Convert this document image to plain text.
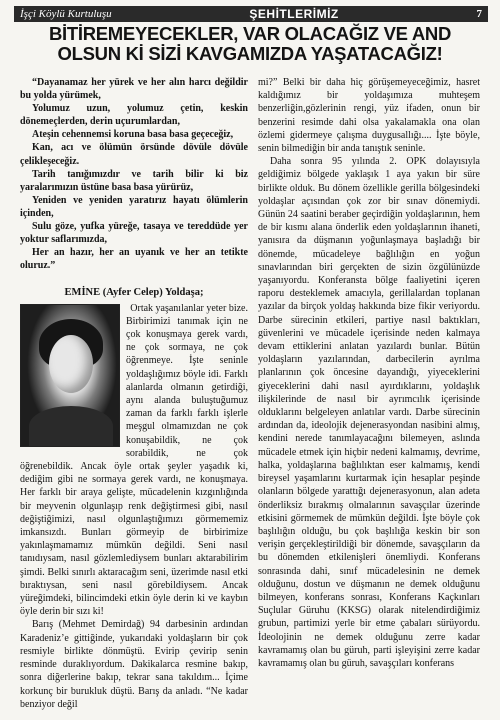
İşçi Köylü Kurtuluşu	ŞEHİTLERİMİZ	7
BİTİREMEYECEKLER, VAR OLACAĞIZ VE AND
OLSUN Kİ SİZİ KAVGAMIZDA YAŞATACAĞIZ!

“Dayanamaz her yürek ve her alın harcı değildir bu yolda yürümek,

Yolumuz uzun, yolumuz çetin, keskin dönemeçlerden, derin uçurumlardan,

Ateşin cehennemsi koruna basa basa geçeceğiz,

Kan, acı ve ölümün örsünde dövüle dövüle çelikleşeceğiz.

Tarih tanığımızdır ve tarih bilir ki biz yaralarımızın üstüne basa basa yürürüz,

Yeniden ve yeniden yaratırız hayatı ölümlerin içinden,

Sulu göze, yufka yüreğe, tasaya ve tereddüde yer yoktur saflarımızda,

Her an hazır, her an uyanık ve her an tetikte oluruz.”

EMİNE (Ayfer Celep) Yoldaşa;

Ortak yaşanılanlar yeter bize.

Birbirimizi tanımak için ne çok konuşmaya gerek vardı, ne çok sormaya, ne çok öğrenmeye. İşte seninle yoldaşlığımız böyle idi. Farklı alanlarda olmanın getirdiği, aynı alanda buluştuğumuz zaman da farklı farklı işlerle meşgul olmamızdan ne çok konuşabildik, ne çok sorabildik, ne çok öğrenebildik. Ancak öyle ortak şeyler yaşadık ki, dediğim gibi ne sormaya gerek vardı, ne konuşmaya. Her farklı bir araya gelişte, mücadelenin kızgınlığında bir meyvenin olgunlaşıp renk değiştirmesi gibi, nasıl değiştiğimizi, nasıl olgunlaştığımızı görmememiz imkansızdı. Bunları görmeyip de birbirimize yakınlaşmamamız mümkün değildi. Seni nasıl tanıdıysam, nasıl gözlemlediysem bunları aktarabilirim şimdi. Belki sınırlı aktaracağım seni, üzerimde nasıl etki bıraktıysan, seni nasıl görebildiysem. Ancak yüreğimdeki, bilincimdeki etkin öyle derin ki ve kaybın öyle derin bir sızı ki!

Barış (Mehmet Demirdağ) 94 darbesinin ardından Karadeniz’e gittiğinde, yukarıdaki yoldaşların bir çok resmiyle birlikte dönmüştü. Evirip çevirip senin resminde duraklıyordum. Dakikalarca resmine bakıp, sonra diğerlerine bakıp, tekrar sana takıldım... İçime korkunç bir burukluk düştü. Barış da anladı. “Ne kadar benziyor değil

mi?” Belki bir daha hiç görüşemeyeceğimiz, hasret kaldığımız bir yoldaşımıza muhteşem benzerliğin,gözlerinin rengi, yüz ifaden, onun bir benzerini resimde dahi olsa yakalamakla ona olan özlemi gidermeye çalışma duygusallığı.... İşte böyle, senin bilmediğin bir anda tanıştık seninle.

Daha sonra 95 yılında 2. OPK dolayısıyla geldiğimiz bölgede yaklaşık 1 aya yakın bir süre birlikte olduk. Bu dönem özellikle gerilla bölgesindeki yoldaşlar açısından çok zor bir sınav dönemiydi. Günün 24 saatini beraber geçirdiğin yoldaşlarının, hem de bir kısmı alana önderlik eden yoldaşlarının ihaneti, yanısıra da düşmanın yoğunlaşmaya başladığı bir dönemde, mücadeleye bağlılığın en yoğun sınavlarından biri gerçekten de sizin özgülünüzde yaşanıyordu. Konferansta bölge faaliyetini içeren raporu desteklemek amacıyla, gerillalardan toplanan yazılar da birçok yoldaş hakkında bize fikir veriyordu. Darbe sürecinin etkileri, partiye nasıl baktıkları, güvenlerini ve mücadele içerisinde neden kalmaya devam ettiklerini anlatan yazılardı bunlar. Bütün yoldaşların yazılarından, darbecilerin ayrılma planlarının çok öncesine dayandığı, yiyeceklerini giyeceklerini dahi nasıl ayırdıklarını, yoldaşlık ilişkilerinde de nasıl bir ayrımcılık içerisinde olduklarını belgeleyen anlatılar vardı. Darbe sürecinin ardından da, ideolojik dejenerasyondan nasibini almış, kendini nerede tanımlayacağını bilemeyen, aslında mücadele etmek için hiçbir nedeni kalmamış, devrime, halka, yoldaşlarına bağlılıktan eser kalmamış, kendi bireysel yaşamlarını kurtarmak için hesaplar peşinde olanların bölgede yarattığı dejenerasyonun, alan adeta önderliksiz bırakmış olmalarının savaşçılar üzerinde etkisini görmemek de mümkün değildi. İşte böyle çok başlılığın olduğu, bu çok başlılığa keskin bir son verişin gerçekleştirildiği bir dönemde, savaşçıların da bu dönemden etkilenişleri önemliydi. Konferans sonrasında dahi, sınıf mücadelesinin ne demek olduğunu, dostun ve düşmanın ne demek olduğunu bilmeyen, konferans sonrası, Konferans Kaçkınları Suçlular Güruhu (KKSG) olarak nitelendirdiğimiz grubun, partimizi yerle bir etme çabaları sürüyordu. İdeolojinin ne demek olduğunu zerre kadar kavramamış olan bu güruh, parti işleyişini zerre kadar kavramamış olan bu güruh, savaşçıları konferans
